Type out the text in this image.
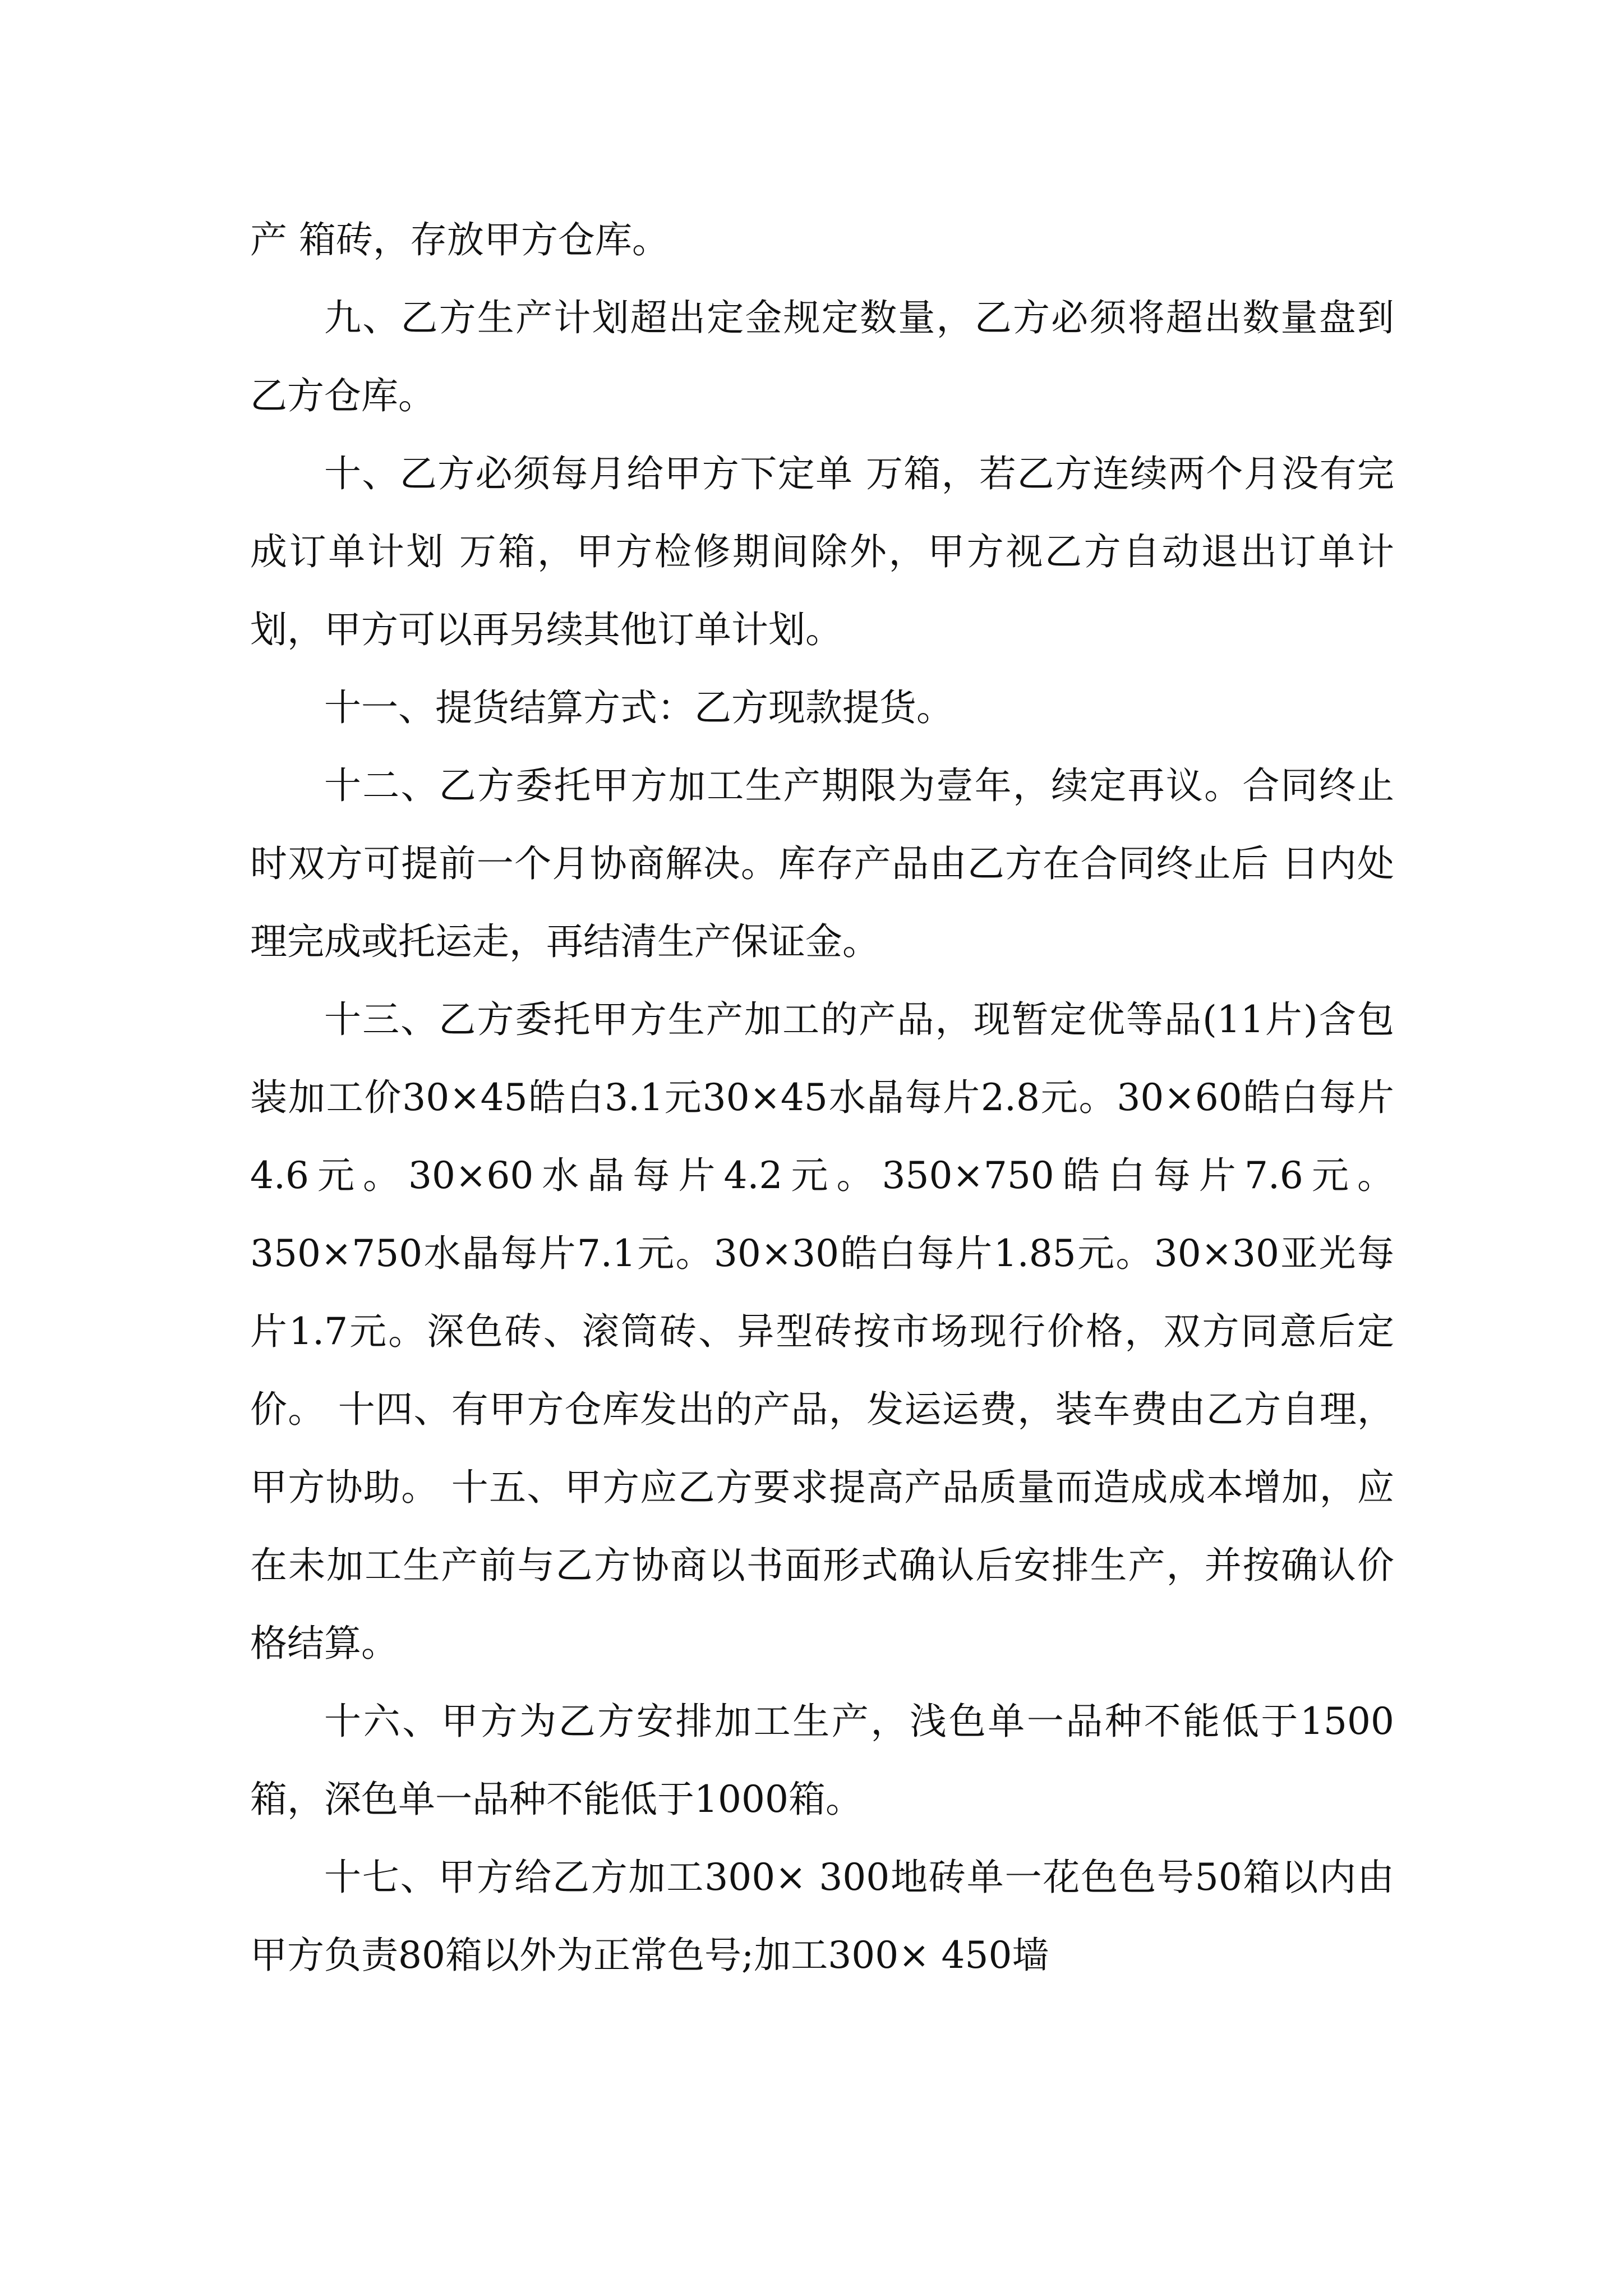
产 箱砖，存放甲方仓库。

九、乙方生产计划超出定金规定数量，乙方必须将超出数量盘到乙方仓库。

十、乙方必须每月给甲方下定单 万箱，若乙方连续两个月没有完成订单计划 万箱，甲方检修期间除外，甲方视乙方自动退出订单计划，甲方可以再另续其他订单计划。

十一、提货结算方式：乙方现款提货。

十二、乙方委托甲方加工生产期限为壹年，续定再议。合同终止时双方可提前一个月协商解决。库存产品由乙方在合同终止后 日内处理完成或托运走，再结清生产保证金。

十三、乙方委托甲方生产加工的产品，现暂定优等品(11片)含包装加工价30×45皓白3.1元30×45水晶每片2.8元。30×60皓白每片4.6元。30×60水晶每片4.2元。350×750皓白每片7.6元。350×750水晶每片7.1元。30×30皓白每片1.85元。30×30亚光每片1.7元。深色砖、滚筒砖、异型砖按市场现行价格，双方同意后定价。 十四、有甲方仓库发出的产品，发运运费，装车费由乙方自理，甲方协助。 十五、甲方应乙方要求提高产品质量而造成成本增加，应在未加工生产前与乙方协商以书面形式确认后安排生产，并按确认价格结算。

十六、甲方为乙方安排加工生产，浅色单一品种不能低于1500箱，深色单一品种不能低于1000箱。

十七、甲方给乙方加工300× 300地砖单一花色色号50箱以内由甲方负责80箱以外为正常色号;加工300× 450墙
